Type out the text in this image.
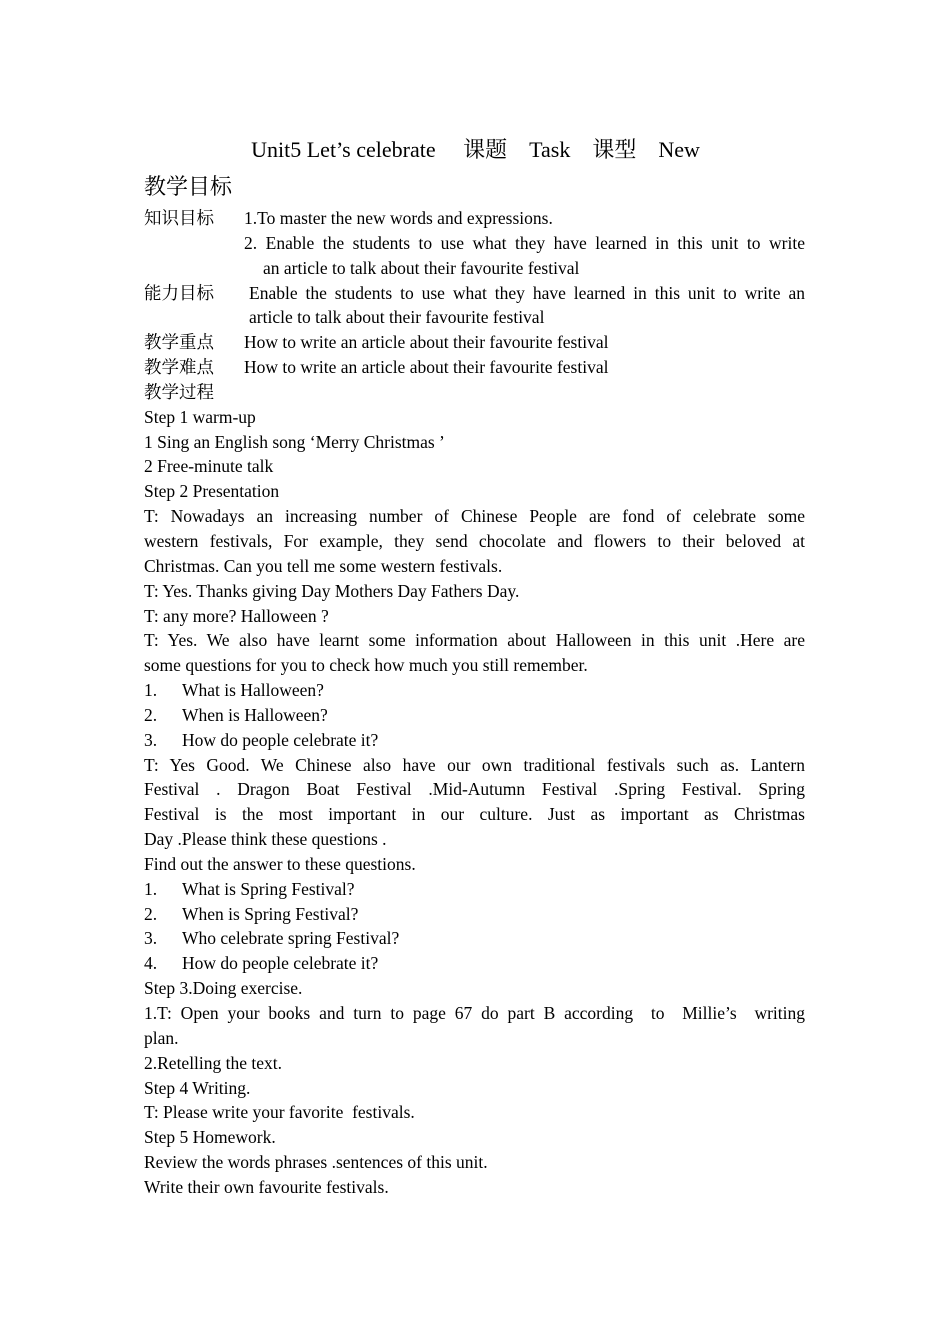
Unit5 Let’s celebrate     课题    Task    课型    New
教学目标
知识目标	1.To master the new words and expressions.
2. Enable the students to use what they have learned in this unit to write
an article to talk about their favourite festival
能力目标	Enable the students to use what they have learned in this unit to write an
article to talk about their favourite festival
教学重点	How to write an article about their favourite festival
教学难点	How to write an article about their favourite festival
教学过程
Step 1 warm-up
1 Sing an English song ‘Merry Christmas ’
2 Free-minute talk
Step 2 Presentation
T: Nowadays an increasing number of Chinese People are fond of celebrate some
western festivals, For example, they send chocolate and flowers to their beloved at
Christmas. Can you tell me some western festivals.
T: Yes. Thanks giving Day Mothers Day Fathers Day.
T: any more? Halloween ?
T: Yes. We also have learnt some information about Halloween in this unit .Here are
some questions for you to check how much you still remember.
1. What is Halloween?
2. When is Halloween?
3. How do people celebrate it?
T: Yes Good. We Chinese also have our own traditional festivals such as. Lantern
Festival . Dragon Boat Festival .Mid-Autumn Festival .Spring Festival. Spring
Festival is the most important in our culture. Just as important as Christmas
Day .Please think these questions .
Find out the answer to these questions.
1. What is Spring Festival?
2. When is Spring Festival?
3. Who celebrate spring Festival?
4. How do people celebrate it?
Step 3.Doing exercise.
1.T: Open your books and turn to page 67 do part B according  to  Millie’s  writing
plan.
2.Retelling the text.
Step 4 Writing.
T: Please write your favorite  festivals.
Step 5 Homework.
Review the words phrases .sentences of this unit.
Write their own favourite festivals.
